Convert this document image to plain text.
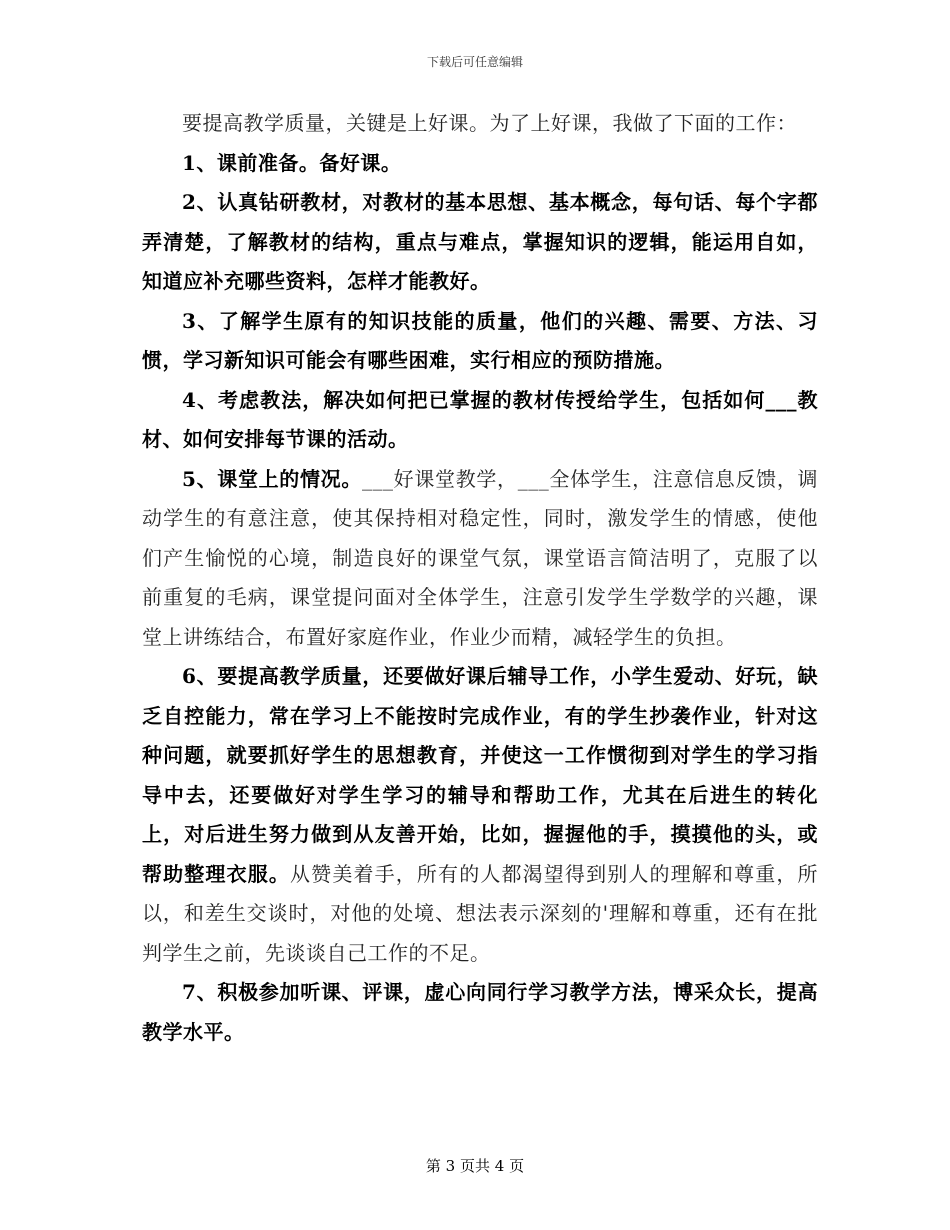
下载后可任意编辑

要提高教学质量，关键是上好课。为了上好课，我做了下面的工作：

1、课前准备。备好课。

2、认真钻研教材，对教材的基本思想、基本概念，每句话、每个字都弄清楚，了解教材的结构，重点与难点，掌握知识的逻辑，能运用自如，知道应补充哪些资料，怎样才能教好。

3、了解学生原有的知识技能的质量，他们的兴趣、需要、方法、习惯，学习新知识可能会有哪些困难，实行相应的预防措施。

4、考虑教法，解决如何把已掌握的教材传授给学生，包括如何___教材、如何安排每节课的活动。

5、课堂上的情况。___好课堂教学，___全体学生，注意信息反馈，调动学生的有意注意，使其保持相对稳定性，同时，激发学生的情感，使他们产生愉悦的心境，制造良好的课堂气氛，课堂语言简洁明了，克服了以前重复的毛病，课堂提问面对全体学生，注意引发学生学数学的兴趣，课堂上讲练结合，布置好家庭作业，作业少而精，减轻学生的负担。

6、要提高教学质量，还要做好课后辅导工作，小学生爱动、好玩，缺乏自控能力，常在学习上不能按时完成作业，有的学生抄袭作业，针对这种问题，就要抓好学生的思想教育，并使这一工作惯彻到对学生的学习指导中去，还要做好对学生学习的辅导和帮助工作，尤其在后进生的转化上，对后进生努力做到从友善开始，比如，握握他的手，摸摸他的头，或帮助整理衣服。从赞美着手，所有的人都渴望得到别人的理解和尊重，所以，和差生交谈时，对他的处境、想法表示深刻的'理解和尊重，还有在批判学生之前，先谈谈自己工作的不足。

7、积极参加听课、评课，虚心向同行学习教学方法，博采众长，提高教学水平。

第 3 页共 4 页
